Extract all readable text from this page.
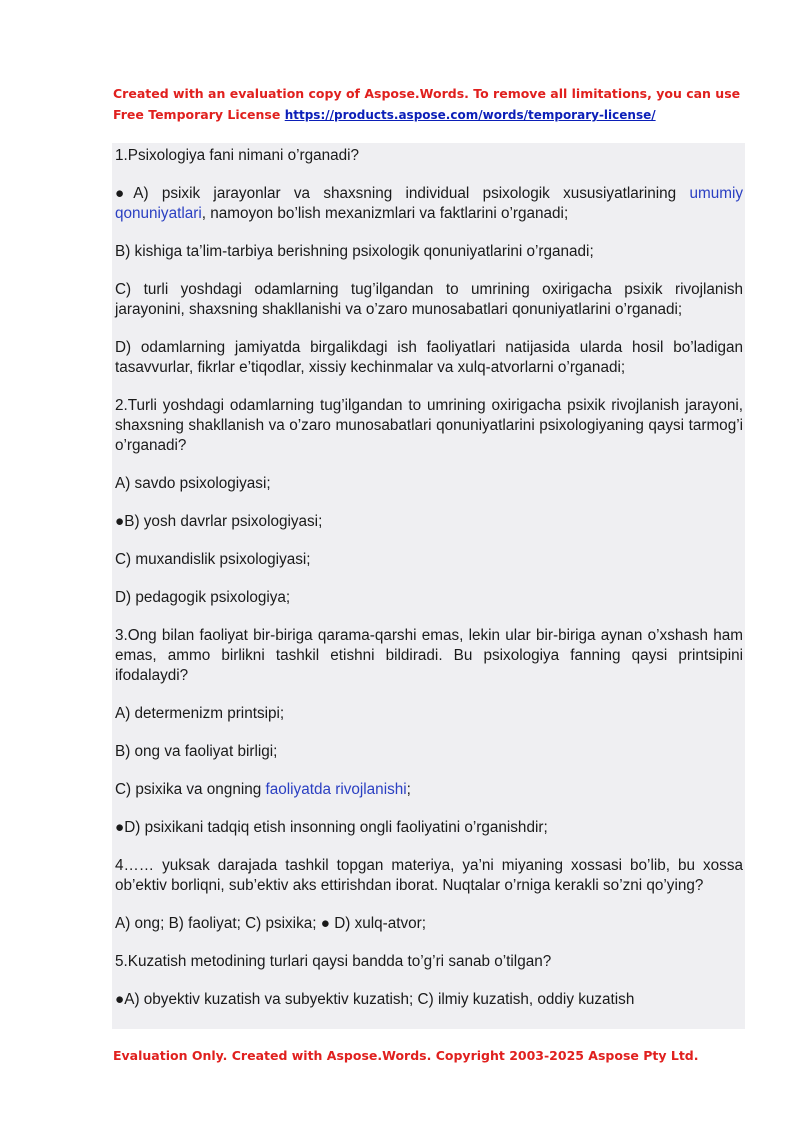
Created with an evaluation copy of Aspose.Words. To remove all limitations, you can use
Free Temporary License https://products.aspose.com/words/temporary-license/

1.Psixologiya fani nimani o’rganadi?

●A) psixik jarayonlar va shaxsning individual psixologik xususiyatlarining umumiy qonuniyatlari, namoyon bo’lish mexanizmlari va faktlarini o’rganadi;

B) kishiga ta’lim-tarbiya berishning psixologik qonuniyatlarini o’rganadi;

C) turli yoshdagi odamlarning tug’ilgandan to umrining oxirigacha psixik rivojlanish jarayonini, shaxsning shakllanishi va o’zaro munosabatlari qonuniyatlarini o’rganadi;

D) odamlarning jamiyatda birgalikdagi ish faoliyatlari natijasida ularda hosil bo’ladigan tasavvurlar, fikrlar e’tiqodlar, xissiy kechinmalar va xulq-atvorlarni o’rganadi;

2.Turli yoshdagi odamlarning tug’ilgandan to umrining oxirigacha psixik rivojlanish jarayoni, shaxsning shakllanish va o’zaro munosabatlari qonuniyatlarini psixologiyaning qaysi tarmog’i o’rganadi?

A) savdo psixologiyasi;

●B) yosh davrlar psixologiyasi;

C) muxandislik psixologiyasi;

D) pedagogik psixologiya;

3.Ong bilan faoliyat bir-biriga qarama-qarshi emas, lekin ular bir-biriga aynan o’xshash ham emas, ammo birlikni tashkil etishni bildiradi. Bu psixologiya fanning qaysi printsipini ifodalaydi?

A) determenizm printsipi;

B) ong va faoliyat birligi;

C) psixika va ongning faoliyatda rivojlanishi;

●D) psixikani tadqiq etish insonning ongli faoliyatini o’rganishdir;

4…… yuksak darajada tashkil topgan materiya, ya’ni miyaning xossasi bo’lib, bu xossa ob’ektiv borliqni, sub’ektiv aks ettirishdan iborat. Nuqtalar o’rniga kerakli so’zni qo’ying?

A) ong; B) faoliyat; C) psixika; ● D) xulq-atvor;

5.Kuzatish metodining turlari qaysi bandda to’g’ri sanab o’tilgan?

●A) obyektiv kuzatish va subyektiv kuzatish; C) ilmiy kuzatish, oddiy kuzatish

Evaluation Only. Created with Aspose.Words. Copyright 2003-2025 Aspose Pty Ltd.
